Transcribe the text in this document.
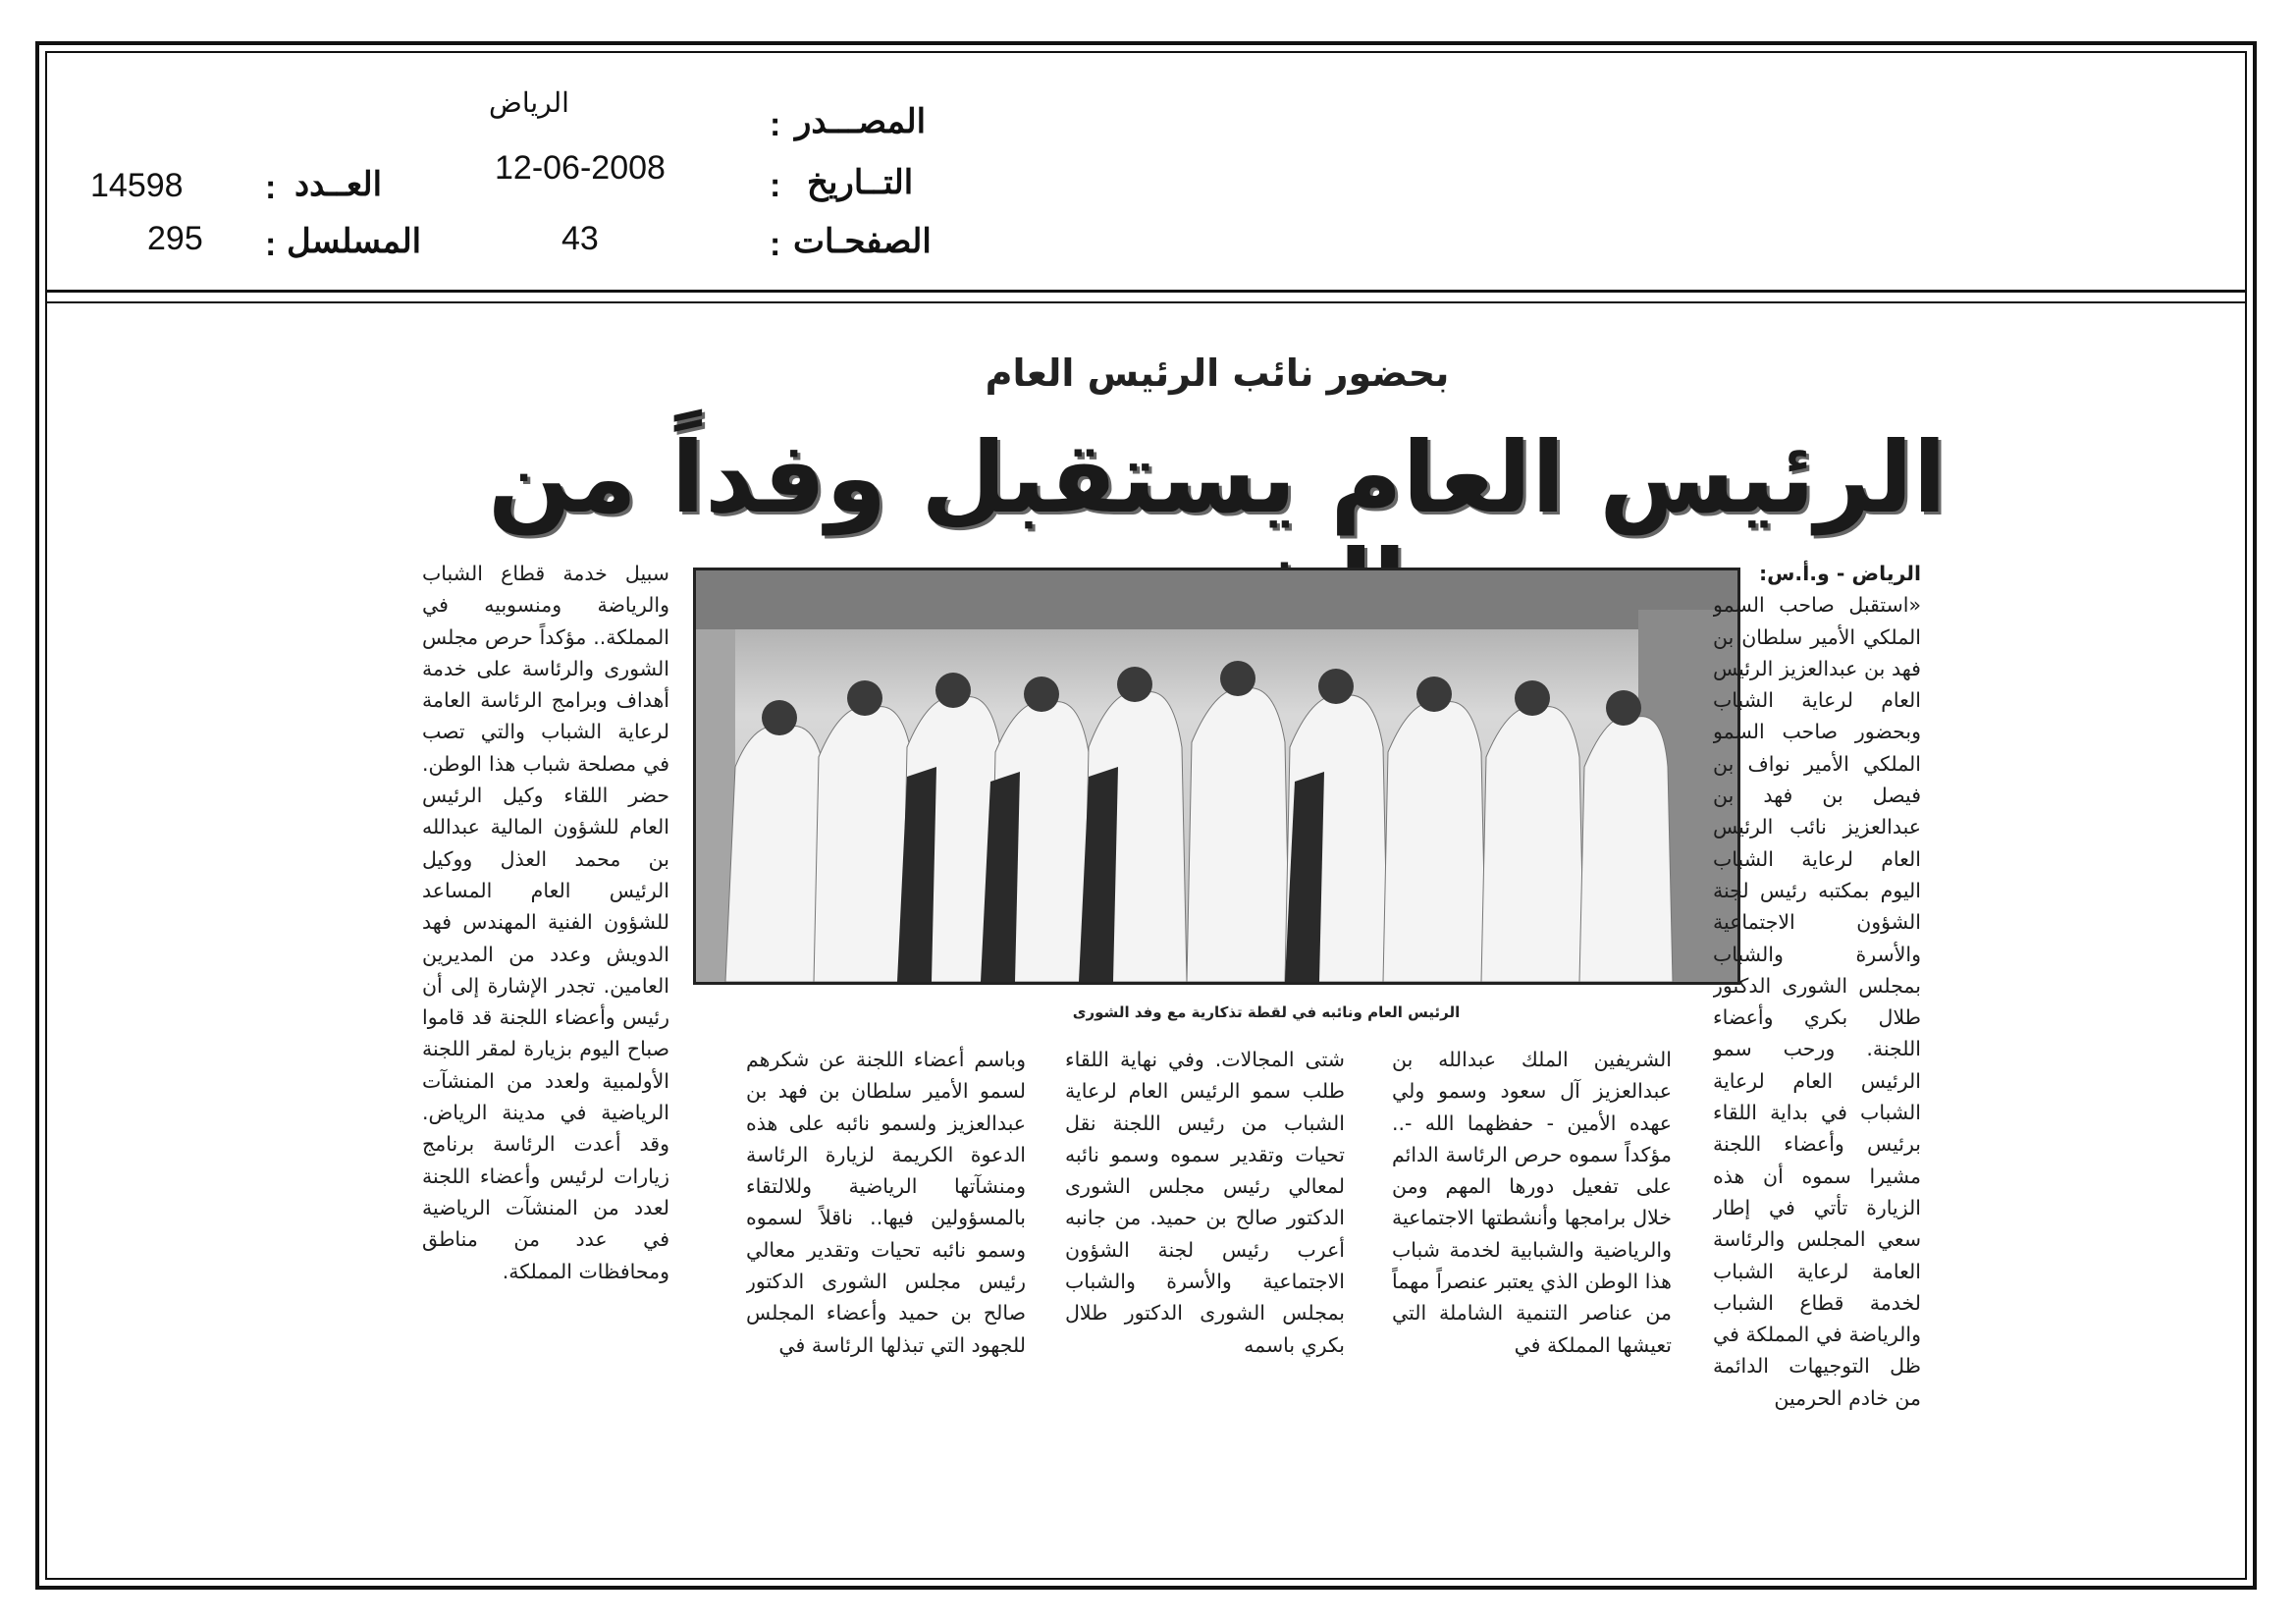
الرياض
: المصـــدر
12-06-2008	: التــاريخ
43	: الصفحـات
14598 : العــدد
295 : المسلسل
بحضور نائب الرئيس العام
الرئيس العام يستقبل وفداً من
الرئيس العام ونائبه في لقطة تذكارية مع وفد الشورى

الرياض - و.أ.س:

«استقبل صاحب السمو الملكي الأمير سلطان بن فهد بن عبدالعزيز الرئيس العام لرعاية الشباب وبحضور صاحب السمو الملكي الأمير نواف بن فيصل بن فهد بن عبدالعزيز نائب الرئيس العام لرعاية الشباب اليوم بمكتبه رئيس لجنة الشؤون الاجتماعية والأسرة والشباب بمجلس الشورى الدكتور طلال بكري وأعضاء اللجنة. ورحب سمو الرئيس العام لرعاية الشباب في بداية اللقاء برئيس وأعضاء اللجنة مشيرا سموه أن هذه الزيارة تأتي في إطار سعي المجلس والرئاسة العامة لرعاية الشباب لخدمة قطاع الشباب والرياضة في المملكة في ظل التوجيهات الدائمة من خادم الحرمين

الشريفين الملك عبدالله بن عبدالعزيز آل سعود وسمو ولي عهده الأمين - حفظهما الله -.. مؤكداً سموه حرص الرئاسة الدائم على تفعيل دورها المهم ومن خلال برامجها وأنشطتها الاجتماعية والرياضية والشبابية لخدمة شباب هذا الوطن الذي يعتبر عنصراً مهماً من عناصر التنمية الشاملة التي تعيشها المملكة في

شتى المجالات. وفي نهاية اللقاء طلب سمو الرئيس العام لرعاية الشباب من رئيس اللجنة نقل تحيات وتقدير سموه وسمو نائبه لمعالي رئيس مجلس الشورى الدكتور صالح بن حميد. من جانبه أعرب رئيس لجنة الشؤون الاجتماعية والأسرة والشباب بمجلس الشورى الدكتور طلال بكري باسمه

وباسم أعضاء اللجنة عن شكرهم لسمو الأمير سلطان بن فهد بن عبدالعزيز ولسمو نائبه على هذه الدعوة الكريمة لزيارة الرئاسة ومنشآتها الرياضية وللالتقاء بالمسؤولين فيها.. ناقلاً لسموه وسمو نائبه تحيات وتقدير معالي رئيس مجلس الشورى الدكتور صالح بن حميد وأعضاء المجلس للجهود التي تبذلها الرئاسة في

سبيل خدمة قطاع الشباب والرياضة ومنسوبيه في المملكة.. مؤكداً حرص مجلس الشورى والرئاسة على خدمة أهداف وبرامج الرئاسة العامة لرعاية الشباب والتي تصب في مصلحة شباب هذا الوطن. حضر اللقاء وكيل الرئيس العام للشؤون المالية عبدالله بن محمد العذل ووكيل الرئيس العام المساعد للشؤون الفنية المهندس فهد الدويش وعدد من المديرين العامين. تجدر الإشارة إلى أن رئيس وأعضاء اللجنة قد قاموا صباح اليوم بزيارة لمقر اللجنة الأولمبية ولعدد من المنشآت الرياضية في مدينة الرياض. وقد أعدت الرئاسة برنامج زيارات لرئيس وأعضاء اللجنة لعدد من المنشآت الرياضية في عدد من مناطق ومحافظات المملكة.
